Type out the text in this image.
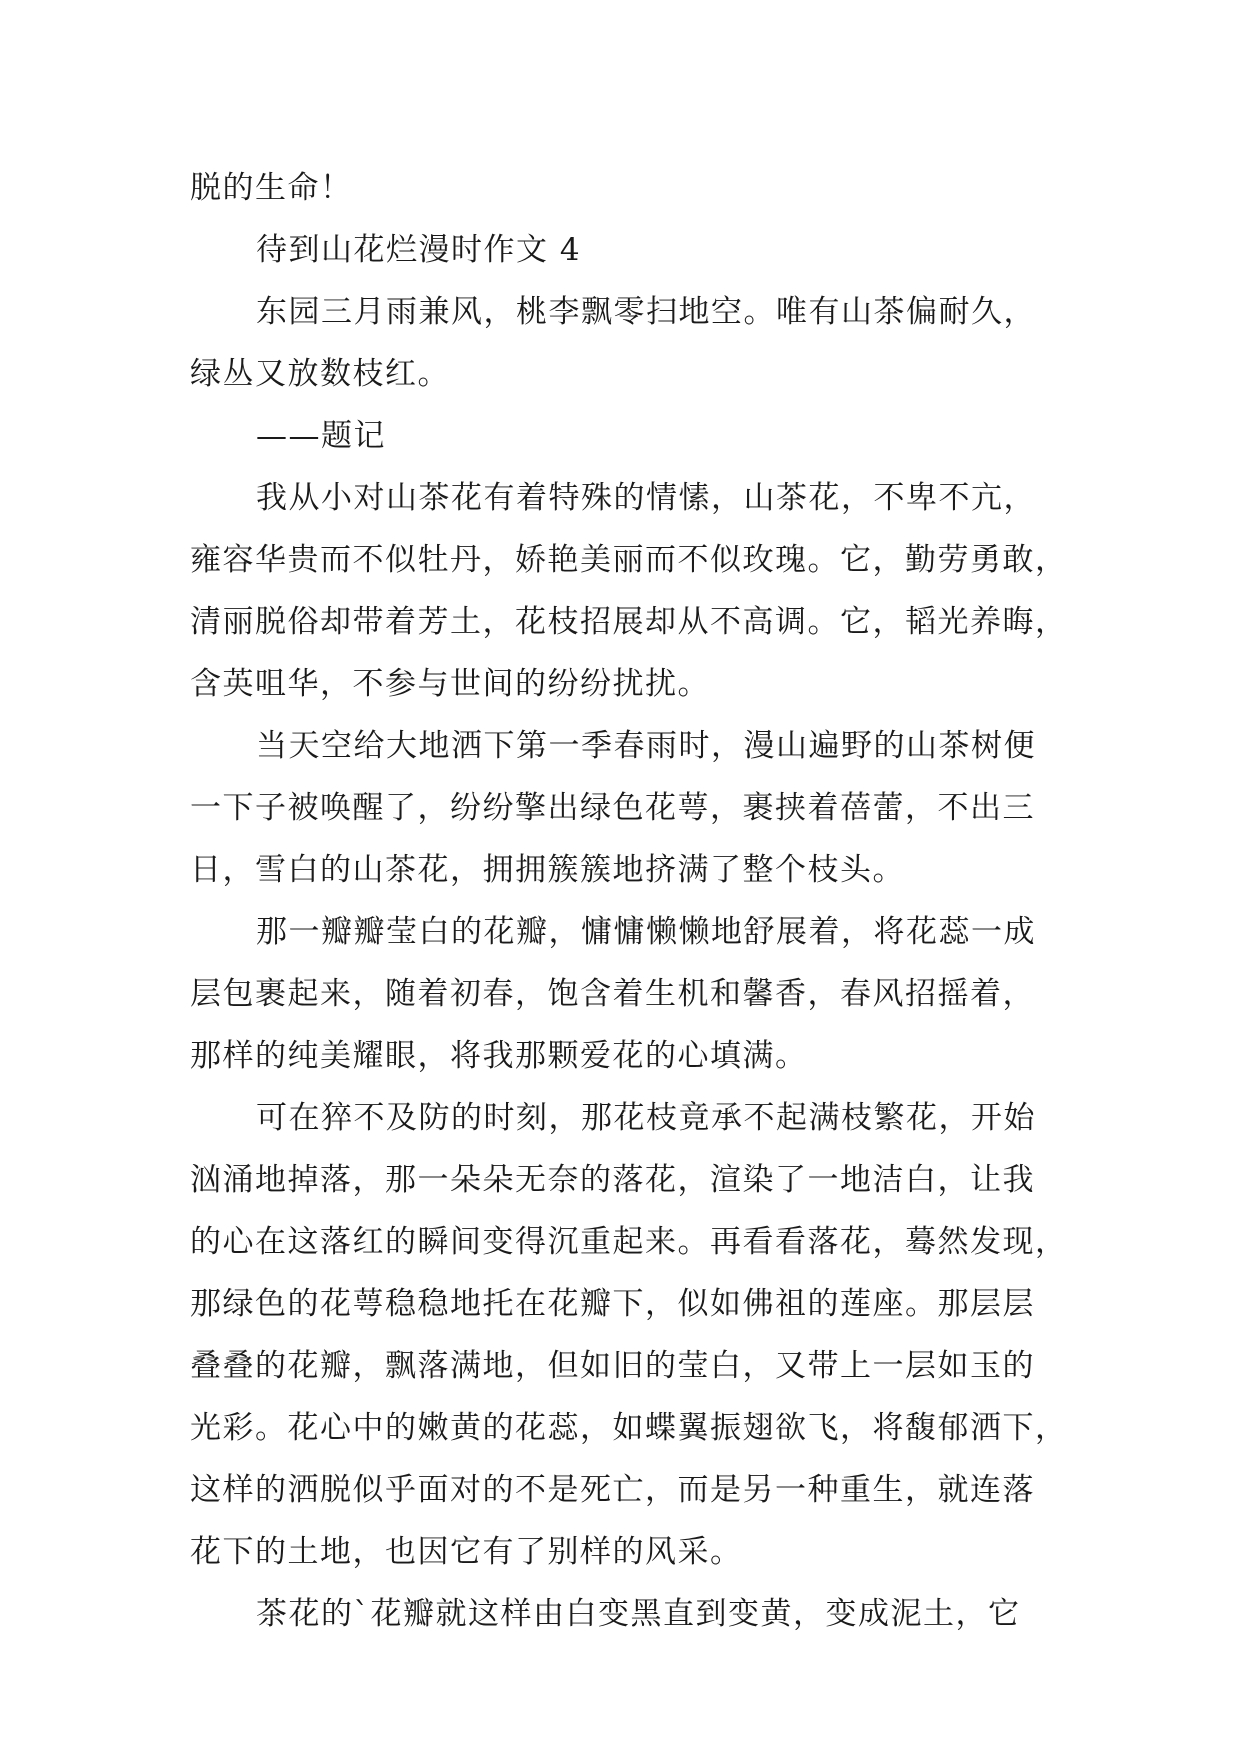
脱的生命！
待到山花烂漫时作文 4
东园三月雨兼风，桃李飘零扫地空。唯有山茶偏耐久，
绿丛又放数枝红。
——题记
我从小对山茶花有着特殊的情愫，山茶花，不卑不亢，
雍容华贵而不似牡丹，娇艳美丽而不似玫瑰。它，勤劳勇敢，
清丽脱俗却带着芳土，花枝招展却从不高调。它，韬光养晦，
含英咀华，不参与世间的纷纷扰扰。
当天空给大地洒下第一季春雨时，漫山遍野的山茶树便
一下子被唤醒了，纷纷擎出绿色花萼，裹挟着蓓蕾，不出三
日，雪白的山茶花，拥拥簇簇地挤满了整个枝头。
那一瓣瓣莹白的花瓣，慵慵懒懒地舒展着，将花蕊一成
层包裹起来，随着初春，饱含着生机和馨香，春风招摇着，
那样的纯美耀眼，将我那颗爱花的心填满。
可在猝不及防的时刻，那花枝竟承不起满枝繁花，开始
汹涌地掉落，那一朵朵无奈的落花，渲染了一地洁白，让我
的心在这落红的瞬间变得沉重起来。再看看落花，蓦然发现，
那绿色的花萼稳稳地托在花瓣下，似如佛祖的莲座。那层层
叠叠的花瓣，飘落满地，但如旧的莹白，又带上一层如玉的
光彩。花心中的嫩黄的花蕊，如蝶翼振翅欲飞，将馥郁洒下，
这样的洒脱似乎面对的不是死亡，而是另一种重生，就连落
花下的土地，也因它有了别样的风采。
茶花的`花瓣就这样由白变黑直到变黄，变成泥土，它
